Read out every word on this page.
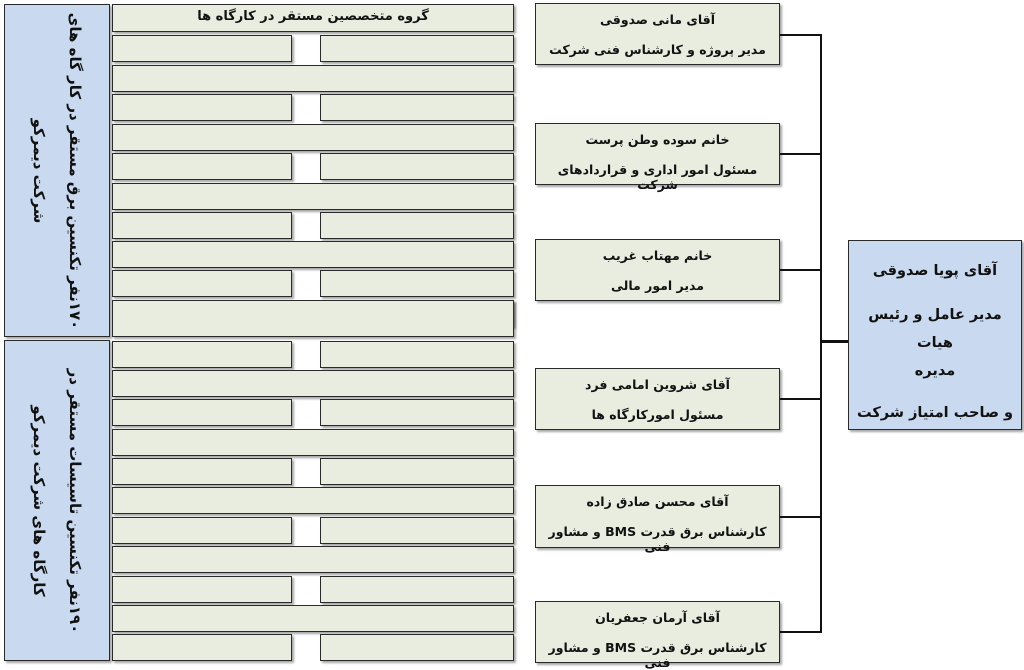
۱۷۰نفر تکنسین برق مستقر در کار گاه های
شرکت دیمرکو
۱۹۰نفر تکنسین تاسیسات مستقر در
کارگاه های شرکت دیمرکو
گروه متخصصین مستقر در کارگاه ها	آقای مانی صدوقی
مدیر پروژه و کارشناس فنی شرکت
خانم سوده وطن پرست
مسئول امور اداری و قراردادهای شرکت
خانم مهتاب غریب
مدیر امور مالی
آقای شروین امامی فرد
مسئول امورکارگاه ها
آقای محسن صادق زاده
کارشناس برق قدرت BMS و مشاور فنی
آقای آرمان جعفریان
کارشناس برق قدرت BMS و مشاور فنی
آقای پویا صدوقی
مدیر عامل و رئیس هیات
مدیره
و صاحب امتیاز شرکت
